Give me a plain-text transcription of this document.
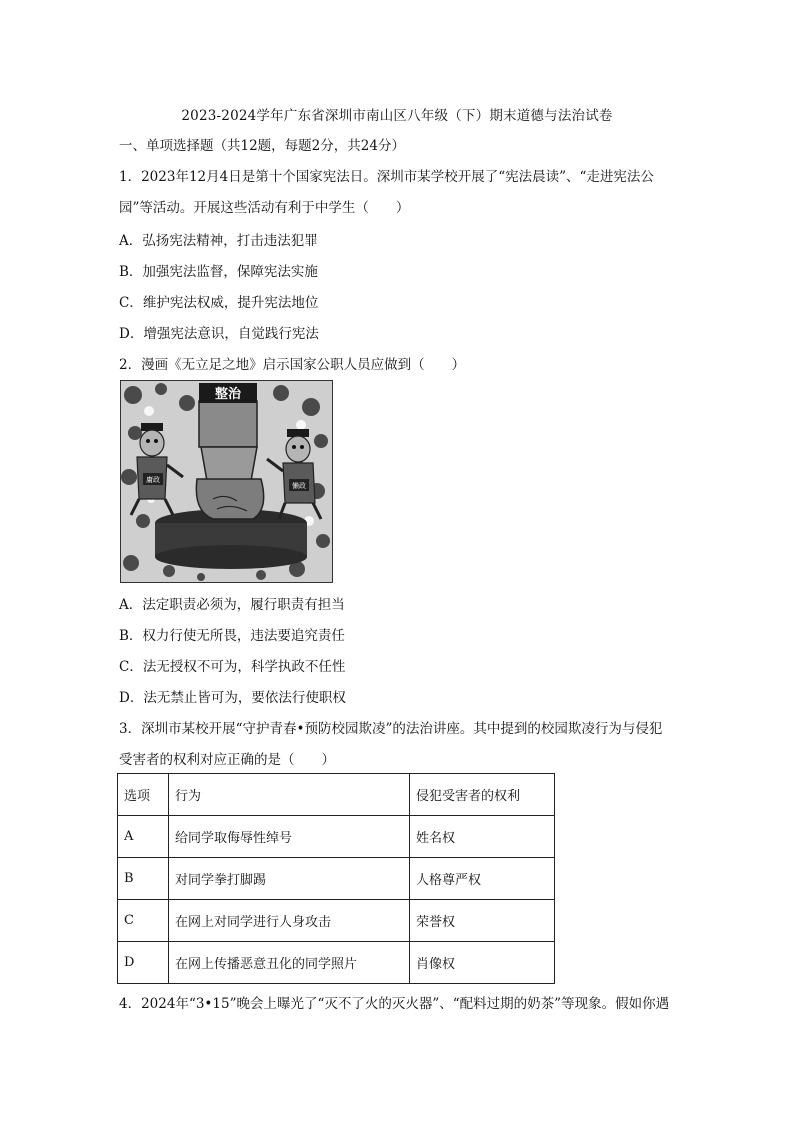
2023-2024学年广东省深圳市南山区八年级（下）期末道德与法治试卷
一、单项选择题（共12题，每题2分，共24分）
1．2023年12月4日是第十个国家宪法日。深圳市某学校开展了“宪法晨读”、“走进宪法公
园”等活动。开展这些活动有利于中学生（　　）
A．弘扬宪法精神，打击违法犯罪
B．加强宪法监督，保障宪法实施
C．维护宪法权威，提升宪法地位
D．增强宪法意识，自觉践行宪法
2．漫画《无立足之地》启示国家公职人员应做到（　　）
整治
庸政
懒政
A．法定职责必须为，履行职责有担当
B．权力行使无所畏，违法要追究责任
C．法无授权不可为，科学执政不任性
D．法无禁止皆可为，要依法行使职权
3．深圳市某校开展“守护青春•预防校园欺凌”的法治讲座。其中提到的校园欺凌行为与侵犯
受害者的权利对应正确的是（　　）
选项	行为	侵犯受害者的权利
A	给同学取侮辱性绰号	姓名权
B	对同学拳打脚踢	人格尊严权
C	在网上对同学进行人身攻击	荣誉权
D	在网上传播恶意丑化的同学照片	肖像权
4．2024年“3•15”晚会上曝光了“灭不了火的灭火器”、“配料过期的奶茶”等现象。假如你遇
